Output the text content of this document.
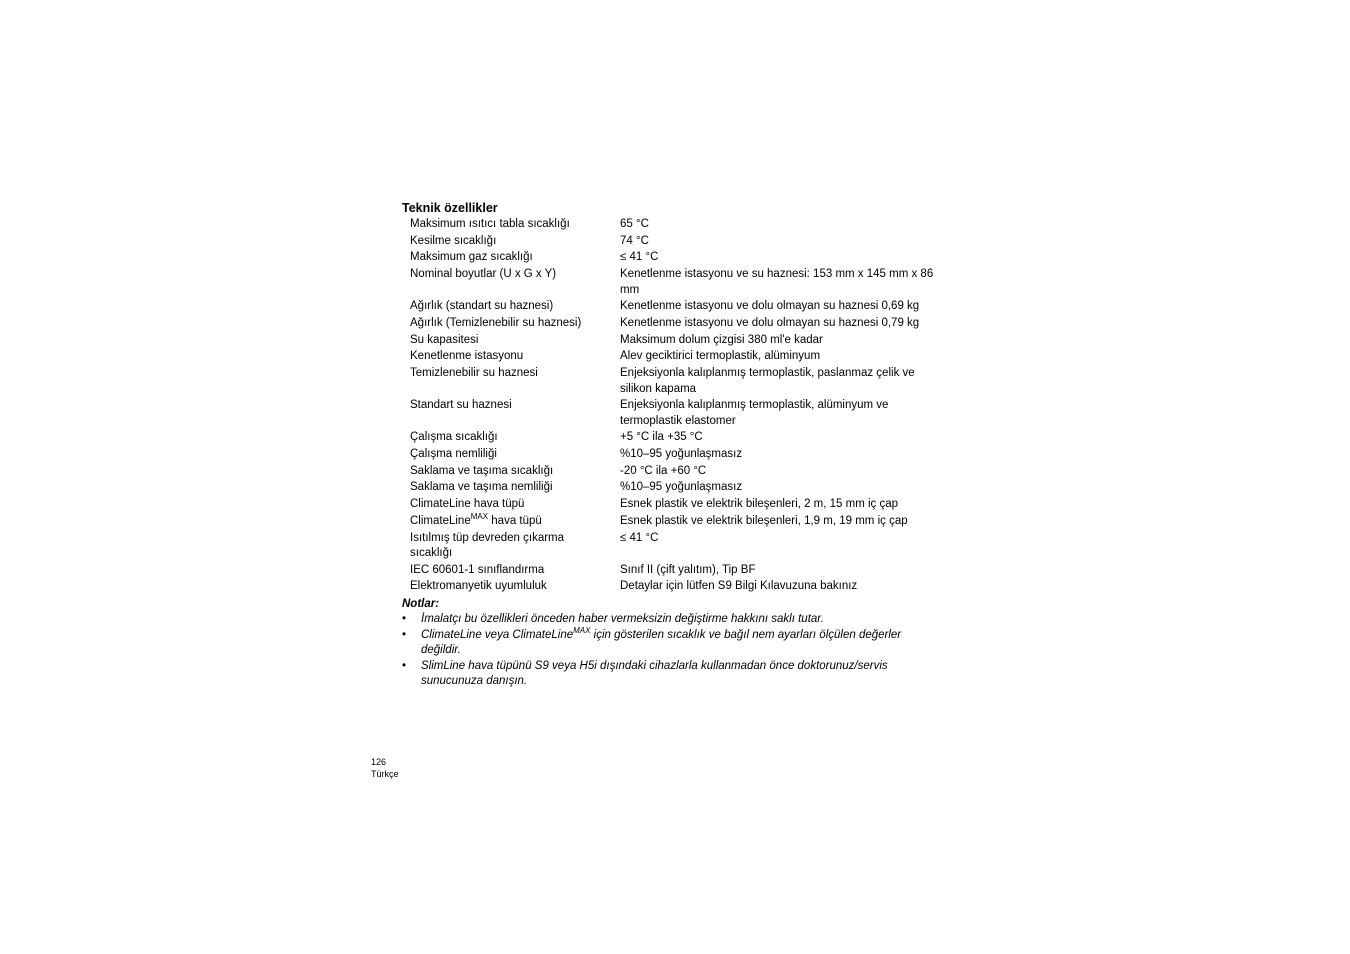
Teknik özellikler
Maksimum ısıtıcı tabla sıcaklığı	65 °C
Kesilme sıcaklığı	74 °C
Maksimum gaz sıcaklığı	≤ 41 °C
Nominal boyutlar (U x G x Y)	Kenetlenme istasyonu ve su haznesi: 153 mm x 145 mm x 86 mm
Ağırlık (standart su haznesi)	Kenetlenme istasyonu ve dolu olmayan su haznesi 0,69 kg
Ağırlık (Temizlenebilir su haznesi)	Kenetlenme istasyonu ve dolu olmayan su haznesi 0,79 kg
Su kapasitesi	Maksimum dolum çizgisi 380 ml'e kadar
Kenetlenme istasyonu	Alev geciktirici termoplastik, alüminyum
Temizlenebilir su haznesi	Enjeksiyonla kalıplanmış termoplastik, paslanmaz çelik ve silikon kapama
Standart su haznesi	Enjeksiyonla kalıplanmış termoplastik, alüminyum ve termoplastik elastomer
Çalışma sıcaklığı	+5 °C ila +35 °C
Çalışma nemliliği	%10–95 yoğunlaşmasız
Saklama ve taşıma sıcaklığı	-20 °C ila +60 °C
Saklama ve taşıma nemliliği	%10–95 yoğunlaşmasız
ClimateLine hava tüpü	Esnek plastik ve elektrik bileşenleri, 2 m, 15 mm iç çap
ClimateLine$^{MAX}$ hava tüpü	Esnek plastik ve elektrik bileşenleri, 1,9 m, 19 mm iç çap
Isıtılmış tüp devreden çıkarma sıcaklığı	≤ 41 °C
IEC 60601-1 sınıflandırma	Sınıf II (çift yalıtım), Tip BF
Elektromanyetik uyumluluk	Detaylar için lütfen S9 Bilgi Kılavuzuna bakınız
Notlar:
• İmalatçı bu özellikleri önceden haber vermeksizin değiştirme hakkını saklı tutar.
• ClimateLine veya ClimateLine$^{MAX}$ için gösterilen sıcaklık ve bağıl nem ayarları ölçülen değerler değildir.
• SlimLine hava tüpünü S9 veya H5i dışındaki cihazlarla kullanmadan önce doktorunuz/servis sunucunuza danışın.
126
Türkçe
